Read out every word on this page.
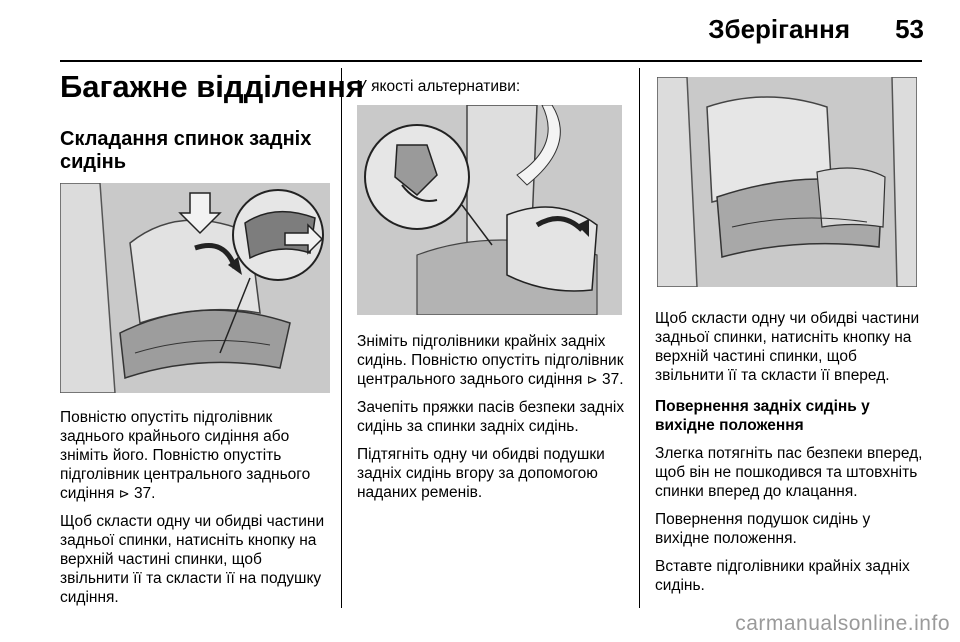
Зберігання	53
Багажне відділення
Складання спинок задніх сидінь

Повністю опустіть підголівник заднього крайнього сидіння або зніміть його. Повністю опустіть підголівник центрального заднього сидіння ⊳ 37.

Щоб скласти одну чи обидві частини задньої спинки, натисніть кнопку на верхній частині спинки, щоб звільнити її та скласти її на подушку сидіння.

У якості альтернативи:

Зніміть підголівники крайніх задніх сидінь. Повністю опустіть підголівник центрального заднього сидіння ⊳ 37.

Зачепіть пряжки пасів безпеки задніх сидінь за спинки задніх сидінь.

Підтягніть одну чи обидві подушки задніх сидінь вгору за допомогою наданих ременів.

Щоб скласти одну чи обидві частини задньої спинки, натисніть кнопку на верхній частині спинки, щоб звільнити її та скласти її вперед.

Повернення задніх сидінь у вихідне положення

Злегка потягніть пас безпеки вперед, щоб він не пошкодився та штовхніть спинки вперед до клацання.

Повернення подушок сидінь у вихідне положення.

Вставте підголівники крайніх задніх сидінь.

carmanualsonline.info
